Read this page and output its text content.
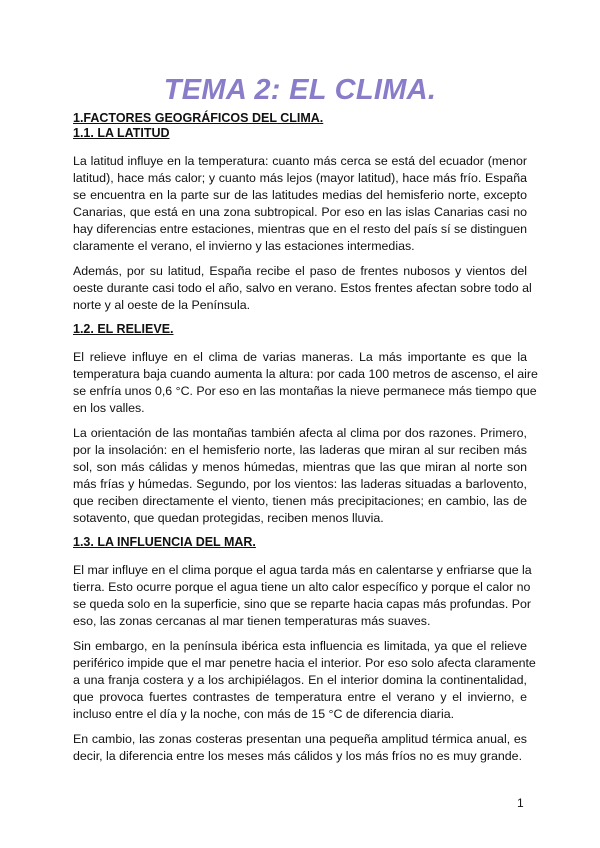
TEMA 2: EL CLIMA.
1.FACTORES GEOGRÁFICOS DEL CLIMA.
1.1. LA LATITUD
La latitud influye en la temperatura: cuanto más cerca se está del ecuador (menor
latitud), hace más calor; y cuanto más lejos (mayor latitud), hace más frío. España
se encuentra en la parte sur de las latitudes medias del hemisferio norte, excepto
Canarias, que está en una zona subtropical. Por eso en las islas Canarias casi no
hay diferencias entre estaciones, mientras que en el resto del país sí se distinguen
claramente el verano, el invierno y las estaciones intermedias.
Además, por su latitud, España recibe el paso de frentes nubosos y vientos del
oeste durante casi todo el año, salvo en verano. Estos frentes afectan sobre todo al
norte y al oeste de la Península.
1.2. EL RELIEVE.
El relieve influye en el clima de varias maneras. La más importante es que la
temperatura baja cuando aumenta la altura: por cada 100 metros de ascenso, el aire
se enfría unos 0,6 °C. Por eso en las montañas la nieve permanece más tiempo que
en los valles.
La orientación de las montañas también afecta al clima por dos razones. Primero,
por la insolación: en el hemisferio norte, las laderas que miran al sur reciben más
sol, son más cálidas y menos húmedas, mientras que las que miran al norte son
más frías y húmedas. Segundo, por los vientos: las laderas situadas a barlovento,
que reciben directamente el viento, tienen más precipitaciones; en cambio, las de
sotavento, que quedan protegidas, reciben menos lluvia.
1.3. LA INFLUENCIA DEL MAR.
El mar influye en el clima porque el agua tarda más en calentarse y enfriarse que la
tierra. Esto ocurre porque el agua tiene un alto calor específico y porque el calor no
se queda solo en la superficie, sino que se reparte hacia capas más profundas. Por
eso, las zonas cercanas al mar tienen temperaturas más suaves.
Sin embargo, en la península ibérica esta influencia es limitada, ya que el relieve
periférico impide que el mar penetre hacia el interior. Por eso solo afecta claramente
a una franja costera y a los archipiélagos. En el interior domina la continentalidad,
que provoca fuertes contrastes de temperatura entre el verano y el invierno, e
incluso entre el día y la noche, con más de 15 °C de diferencia diaria.
En cambio, las zonas costeras presentan una pequeña amplitud térmica anual, es
decir, la diferencia entre los meses más cálidos y los más fríos no es muy grande.
1
